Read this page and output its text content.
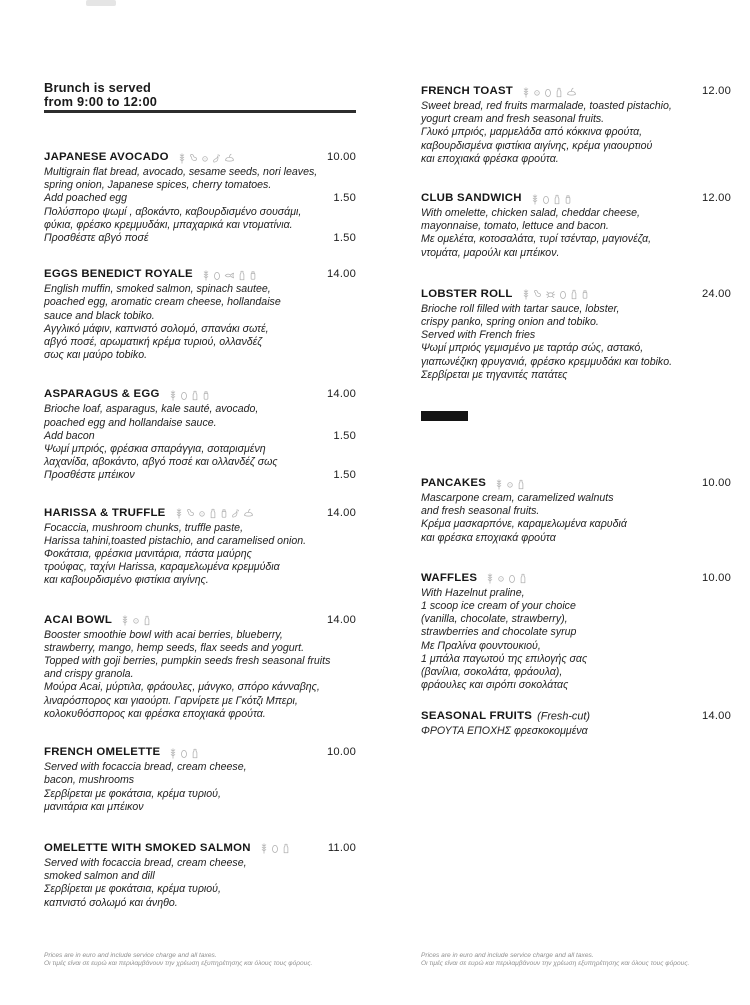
Brunch is served
from 9:00 to 12:00
JAPANESE AVOCADO	10.00
Multigrain flat bread, avocado, sesame seeds, nori leaves,
spring onion, Japanese spices, cherry tomatoes.
Add poached egg	1.50
Πολύσπορο ψωμί , αβοκάντο, καβουρδισμένο σουσάμι,
φύκια, φρέσκο κρεμμυδάκι, μπαχαρικά και ντοματίνια.
Προσθέστε αβγό ποσέ	1.50
EGGS BENEDICT ROYALE	14.00
English muffin, smoked salmon, spinach sautee,
poached egg, aromatic cream cheese, hollandaise
sauce and black tobiko.
Αγγλικό μάφιν, καπνιστό σολομό, σπανάκι σωτέ,
αβγό ποσέ, αρωματική κρέμα τυριού, ολλανδέζ
σως και μαύρο tobiko.
ASPARAGUS & EGG	14.00
Brioche loaf, asparagus, kale sauté, avocado,
poached egg and hollandaise sauce.
Add bacon	1.50
Ψωμί μπριός, φρέσκια σπαράγγια, σοταρισμένη
λαχανίδα, αβοκάντο, αβγό ποσέ και ολλανδέζ σως
Προσθέστε μπέικον	1.50
HARISSA & TRUFFLE	14.00
Focaccia, mushroom chunks, truffle paste,
Harissa tahini,toasted pistachio, and caramelised onion.
Φοκάτσια, φρέσκια μανιτάρια, πάστα μαύρης
τρούφας, ταχίνι Harissa, καραμελωμένα κρεμμύδια
και καβουρδισμένο φιστίκια αιγίνης.
ACAI BOWL	14.00
Booster smoothie bowl with acai berries, blueberry,
strawberry, mango, hemp seeds, flax seeds and yogurt.
Topped with goji berries, pumpkin seeds fresh seasonal fruits
and crispy granola.
Μούρα Acai, μύρτιλα, φράουλες, μάνγκο, σπόρο κάνναβης,
λιναρόσπορος και γιαούρτι. Γαρνίρετε με Γκότζι Μπερι,
κολοκυθόσπορος και φρέσκα εποχιακά φρούτα.
FRENCH OMELETTE	10.00
Served with focaccia bread, cream cheese,
bacon, mushrooms
Σερβίρεται με φοκάτσια, κρέμα τυριού,
μανιτάρια και μπέικον
OMELETTE WITH SMOKED SALMON	11.00
Served with focaccia bread, cream cheese,
smoked salmon and dill
Σερβίρεται με φοκάτσια, κρέμα τυριού,
καπνιστό σολωμό και άνηθο.
FRENCH TOAST	12.00
Sweet bread, red fruits marmalade, toasted pistachio,
yogurt cream and fresh seasonal fruits.
Γλυκό μπριός, μαρμελάδα από κόκκινα φρούτα,
καβουρδισμένα φιστίκια αιγίνης, κρέμα γιαουρτιού
και εποχιακά φρέσκα φρούτα.
CLUB SANDWICH	12.00
With omelette, chicken salad, cheddar cheese,
mayonnaise, tomato, lettuce and bacon.
Με ομελέτα, κοτοσαλάτα, τυρί τσένταρ, μαγιονέζα,
ντομάτα, μαρούλι και μπέικον.
LOBSTER ROLL	24.00
Brioche roll filled with tartar sauce, lobster,
crispy panko, spring onion and tobiko.
Served with French fries
Ψωμί μπριός γεμισμένο με ταρτάρ σώς, αστακό,
γιαπωνέζικη φρυγανιά, φρέσκο κρεμμυδάκι και tobiko.
Σερβίρεται με τηγανιτές πατάτες
PANCAKES	10.00
Mascarpone cream, caramelized walnuts
and fresh seasonal fruits.
Κρέμα μασκαρπόνε, καραμελωμένα καρυδιά
και φρέσκα εποχιακά φρούτα
WAFFLES	10.00
With Hazelnut praline,
1 scoop ice cream of your choice
(vanilla, chocolate, strawberry),
strawberries and chocolate syrup
Με Πραλίνα φουντουκιού,
1 μπάλα παγωτού της επιλογής σας
(βανίλια, σοκολάτα, φράουλα),
φράουλες και σιρόπι σοκολάτας
SEASONAL FRUITS (Fresh-cut)	14.00
ΦΡΟΥΤΑ ΕΠΟΧΗΣ φρεσκοκομμένα
Prices are in euro and include service charge and all taxes.
Οι τιμές είναι σε ευρώ και περιλαμβάνουν την χρέωση εξυπηρέτησης και όλους τους φόρους.
Prices are in euro and include service charge and all taxes.
Οι τιμές είναι σε ευρώ και περιλαμβάνουν την χρέωση εξυπηρέτησης και όλους τους φόρους.
